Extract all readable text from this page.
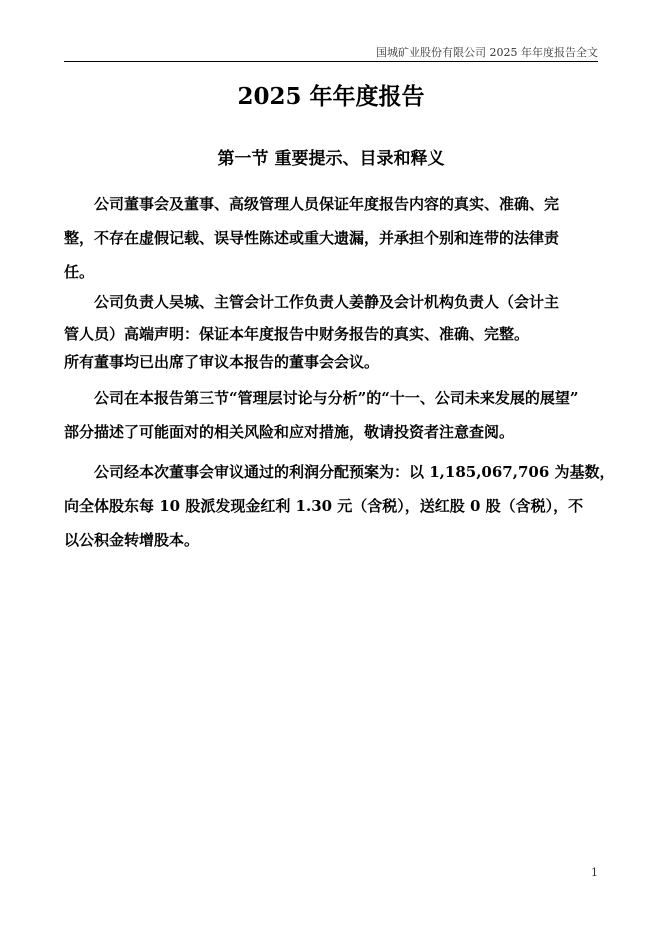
国城矿业股份有限公司 2025 年年度报告全文
2025 年年度报告
第一节 重要提示、目录和释义
公司董事会及董事、高级管理人员保证年度报告内容的真实、准确、完
整，不存在虚假记载、误导性陈述或重大遗漏，并承担个别和连带的法律责
任。
公司负责人吴城、主管会计工作负责人姜静及会计机构负责人（会计主
管人员）高端声明：保证本年度报告中财务报告的真实、准确、完整。
所有董事均已出席了审议本报告的董事会会议。
公司在本报告第三节“管理层讨论与分析”的“十一、公司未来发展的展望”
部分描述了可能面对的相关风险和应对措施，敬请投资者注意查阅。
公司经本次董事会审议通过的利润分配预案为：以 1,185,067,706 为基数，
向全体股东每 10 股派发现金红利 1.30 元（含税），送红股 0 股（含税），不
以公积金转增股本。
1
